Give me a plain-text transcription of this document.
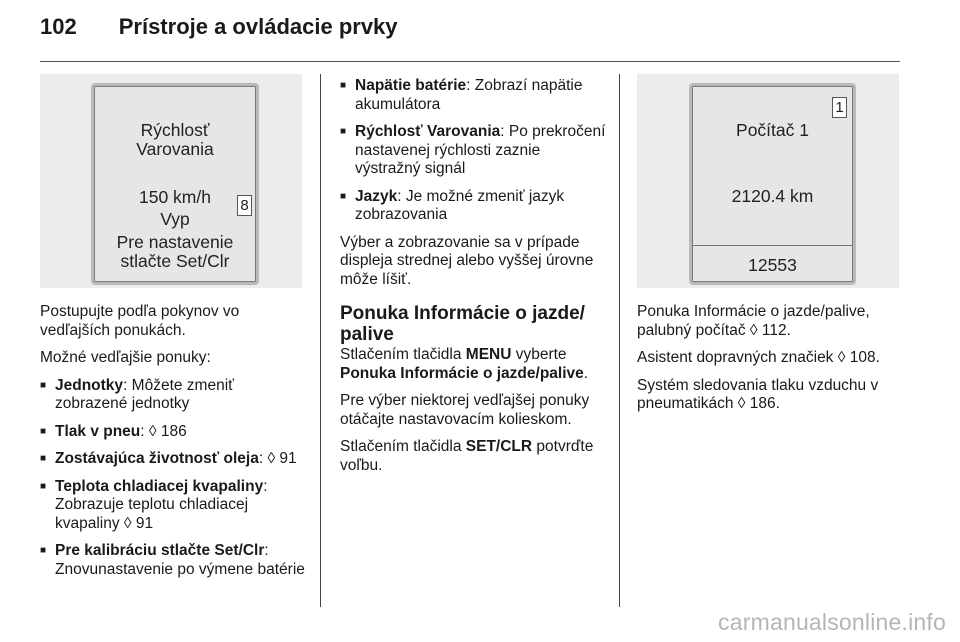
102 Prístroje a ovládacie prvky
Rýchlosť
Varovania
150 km/h
Vyp
Pre nastavenie
stlačte Set/Clr
8

Postupujte podľa pokynov vo vedľajších ponukách.

Možné vedľajšie ponuky:

■ Jednotky: Môžete zmeniť zobrazené jednotky
■ Tlak v pneu: ◊ 186
■ Zostávajúca životnosť oleja: ◊ 91
■ Teplota chladiacej kvapaliny: Zobrazuje teplotu chladiacej kvapaliny ◊ 91
■ Pre kalibráciu stlačte Set/Clr: Znovunastavenie po výmene batérie
■ Napätie batérie: Zobrazí napätie akumulátora
■ Rýchlosť Varovania: Po prekročení nastavenej rýchlosti zaznie výstražný signál
■ Jazyk: Je možné zmeniť jazyk zobrazovania

Výber a zobrazovanie sa v prípade displeja strednej alebo vyššej úrovne môže líšiť.

Ponuka Informácie o jazde/ palive

Stlačením tlačidla MENU vyberte Ponuka Informácie o jazde/palive.

Pre výber niektorej vedľajšej ponuky otáčajte nastavovacím kolieskom.

Stlačením tlačidla SET/CLR potvrďte voľbu.

Počítač 1
2120.4 km
12553
1

Ponuka Informácie o jazde/palive, palubný počítač ◊ 112.

Asistent dopravných značiek ◊ 108.

Systém sledovania tlaku vzduchu v pneumatikách ◊ 186.

carmanualsonline.info
